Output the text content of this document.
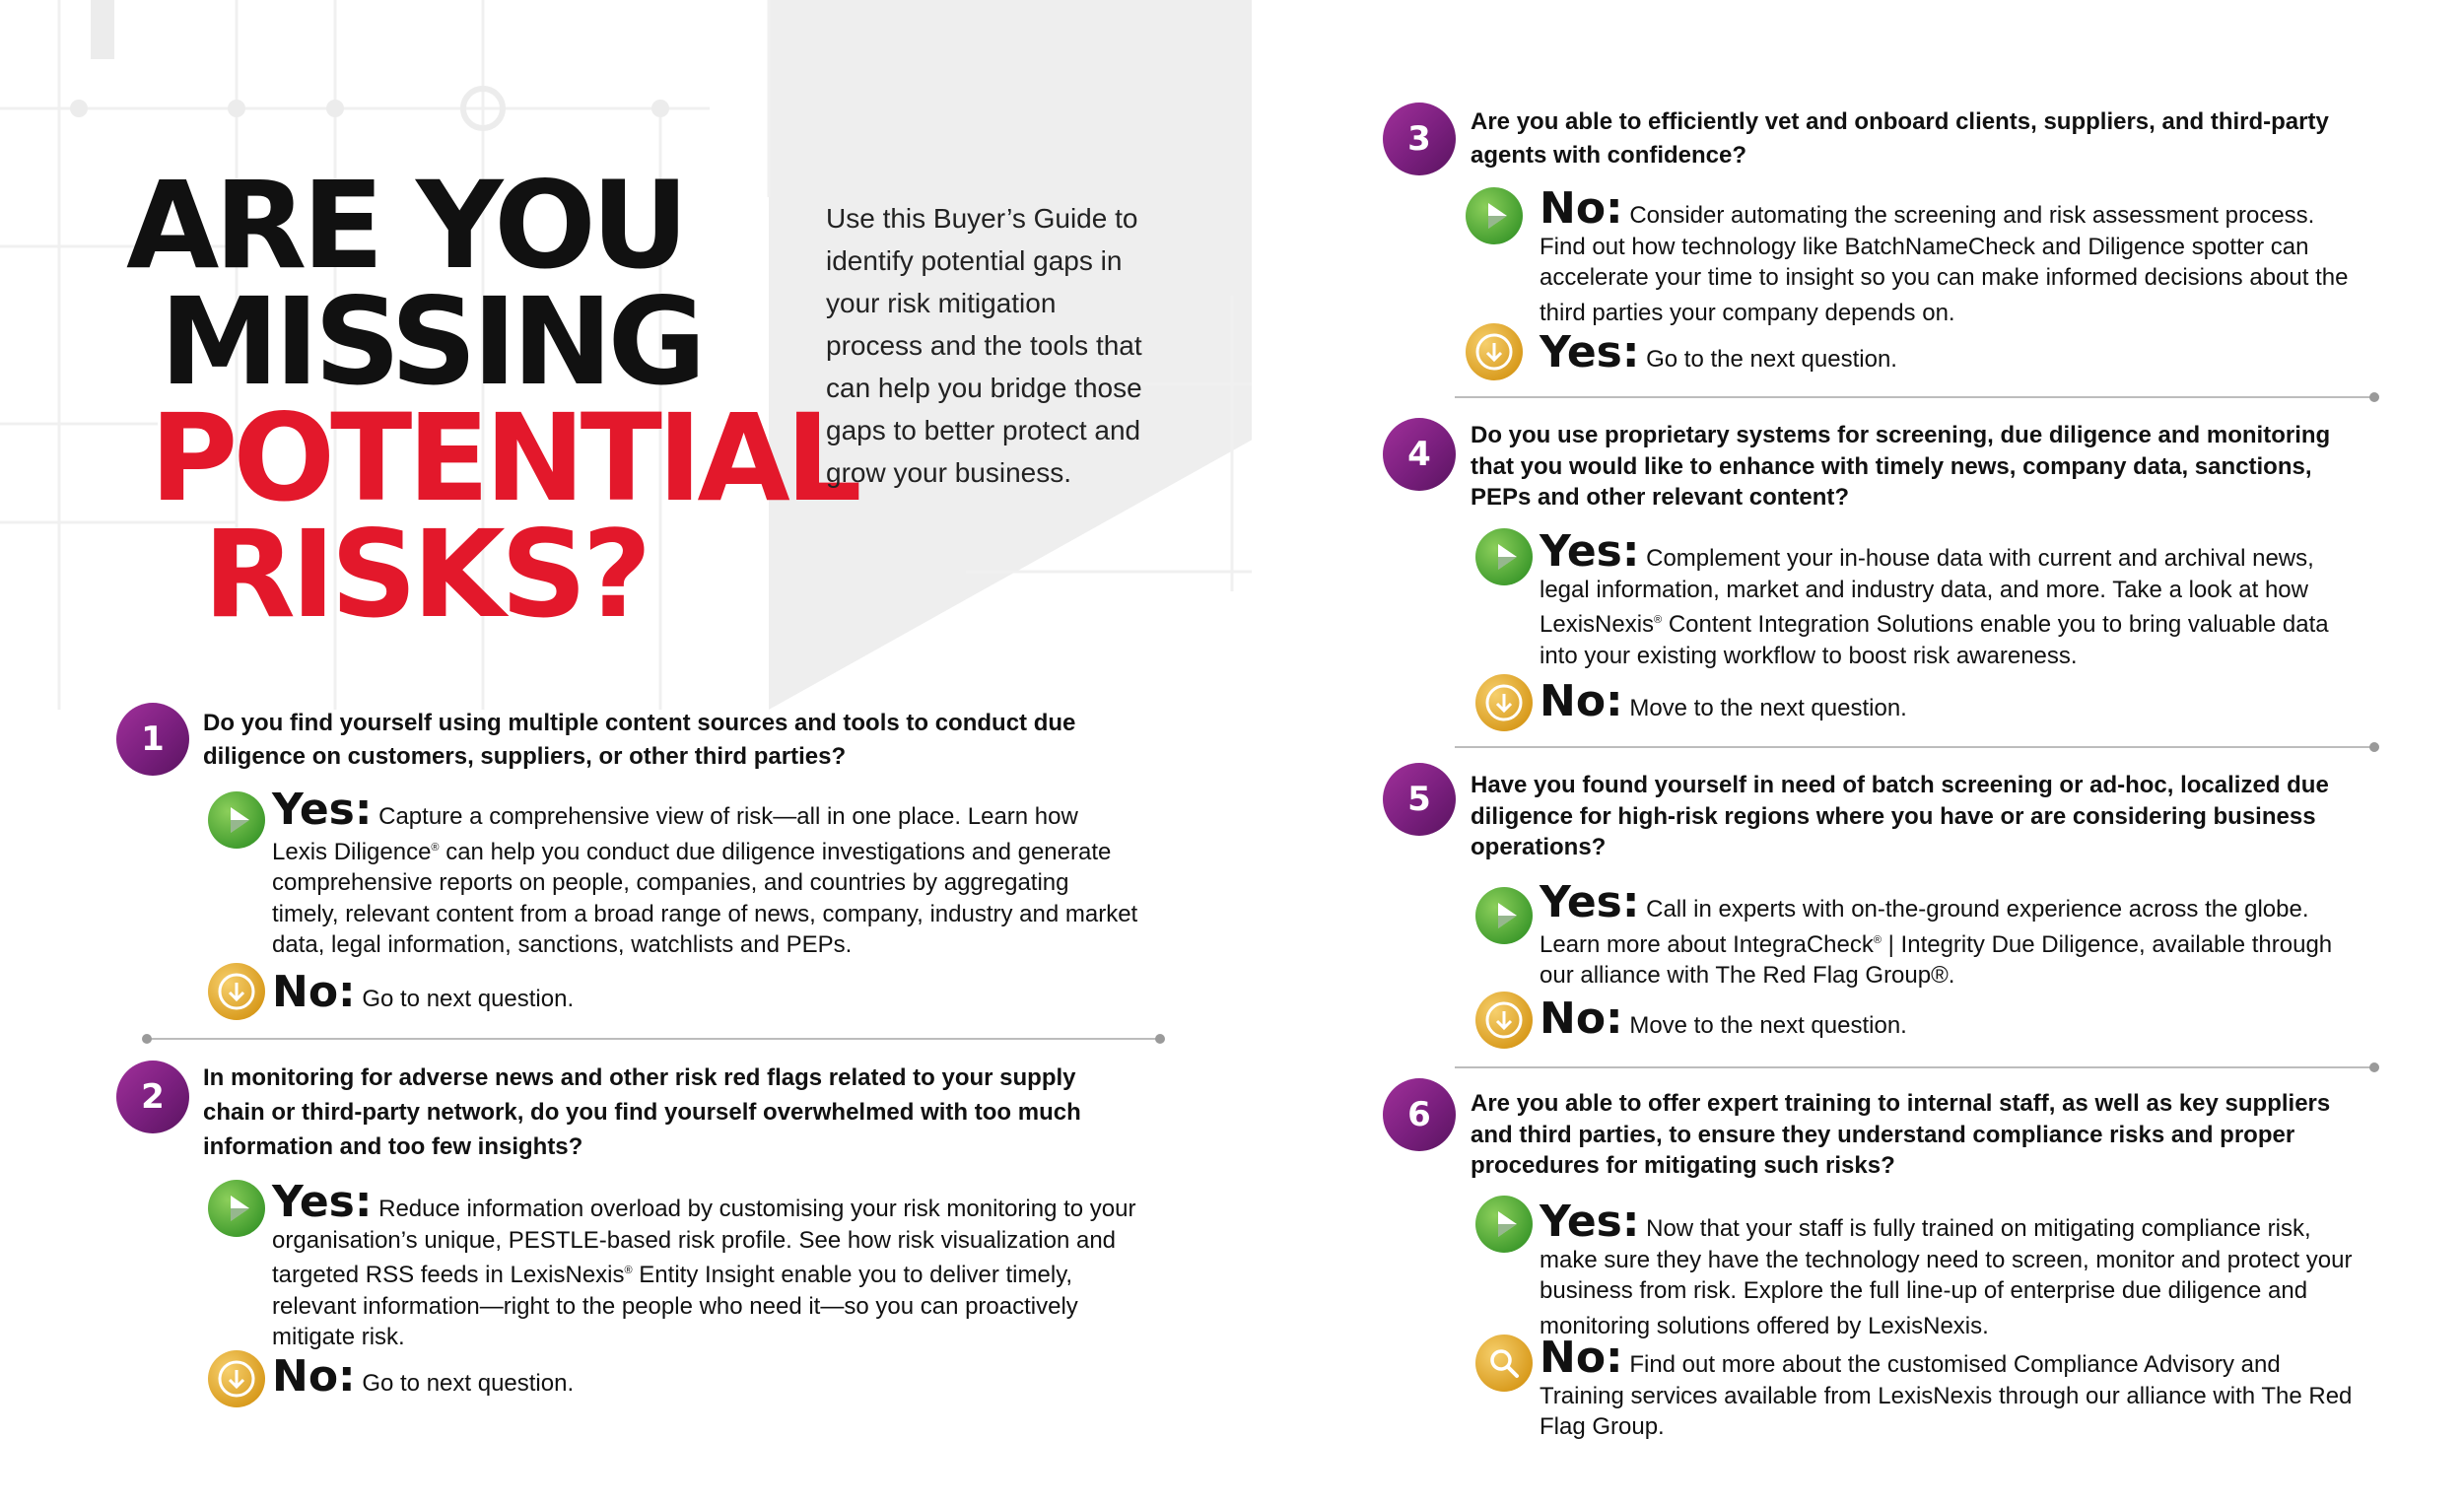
ARE YOU
MISSING
POTENTIAL
RISKS?
Use this Buyer’s Guide to identify potential gaps in your risk mitigation process and the tools that can help you bridge those gaps to better protect and grow your business.
1	Do you find yourself using multiple content sources and tools to conduct due diligence on customers, suppliers, or other third parties?
Yes: Capture a comprehensive view of risk—all in one place. Learn how Lexis Diligence® can help you conduct due diligence investigations and generate comprehensive reports on people, companies, and countries by aggregating timely, relevant content from a broad range of news, company, industry and market data, legal information, sanctions, watchlists and PEPs.
No: Go to next question.
2	In monitoring for adverse news and other risk red flags related to your supply chain or third-party network, do you find yourself overwhelmed with too much information and too few insights?
Yes: Reduce information overload by customising your risk monitoring to your organisation’s unique, PESTLE-based risk profile. See how risk visualization and targeted RSS feeds in LexisNexis® Entity Insight enable you to deliver timely, relevant information—right to the people who need it—so you can proactively mitigate risk.
No: Go to next question.
3	Are you able to efficiently vet and onboard clients, suppliers, and third-party agents with confidence?
No: Consider automating the screening and risk assessment process. Find out how technology like BatchNameCheck and Diligence spotter can accelerate your time to insight so you can make informed decisions about the third parties your company depends on.
Yes: Go to the next question.
4	Do you use proprietary systems for screening, due diligence and monitoring that you would like to enhance with timely news, company data, sanctions, PEPs and other relevant content?
Yes: Complement your in-house data with current and archival news, legal information, market and industry data, and more. Take a look at how LexisNexis® Content Integration Solutions enable you to bring valuable data into your existing workflow to boost risk awareness.
No: Move to the next question.
5	Have you found yourself in need of batch screening or ad-hoc, localized due diligence for high-risk regions where you have or are considering business operations?
Yes: Call in experts with on-the-ground experience across the globe. Learn more about IntegraCheck® | Integrity Due Diligence, available through our alliance with The Red Flag Group®.
No: Move to the next question.
6	Are you able to offer expert training to internal staff, as well as key suppliers and third parties, to ensure they understand compliance risks and proper procedures for mitigating such risks?
Yes: Now that your staff is fully trained on mitigating compliance risk, make sure they have the technology need to screen, monitor and protect your business from risk. Explore the full line-up of enterprise due diligence and monitoring solutions offered by LexisNexis.
No: Find out more about the customised Compliance Advisory and Training services available from LexisNexis through our alliance with The Red Flag Group.
